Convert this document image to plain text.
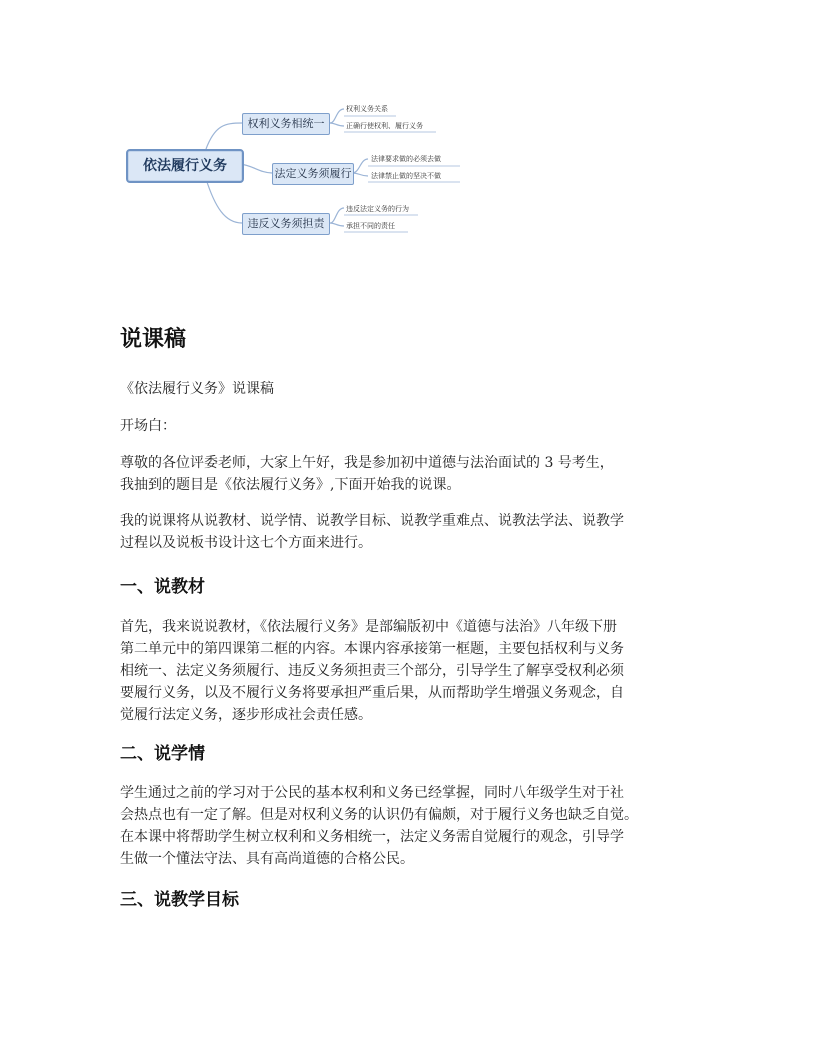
依法履行义务
权利义务相统一
法定义务须履行
违反义务须担责
权利义务关系
正确行使权利、履行义务
法律要求做的必须去做
法律禁止做的坚决不做
违反法定义务的行为
承担不同的责任
说课稿

《依法履行义务》说课稿

开场白：

尊敬的各位评委老师，大家上午好，我是参加初中道德与法治面试的 3 号考生，
我抽到的题目是《依法履行义务》,下面开始我的说课。

我的说课将从说教材、说学情、说教学目标、说教学重难点、说教法学法、说教学
过程以及说板书设计这七个方面来进行。

一、说教材

首先，我来说说教材，《依法履行义务》是部编版初中《道德与法治》八年级下册
第二单元中的第四课第二框的内容。本课内容承接第一框题，主要包括权利与义务
相统一、法定义务须履行、违反义务须担责三个部分，引导学生了解享受权利必须
要履行义务，以及不履行义务将要承担严重后果，从而帮助学生增强义务观念，自
觉履行法定义务，逐步形成社会责任感。

二、说学情

学生通过之前的学习对于公民的基本权利和义务已经掌握，同时八年级学生对于社
会热点也有一定了解。但是对权利义务的认识仍有偏颇，对于履行义务也缺乏自觉。
在本课中将帮助学生树立权利和义务相统一，法定义务需自觉履行的观念，引导学
生做一个懂法守法、具有高尚道德的合格公民。

三、说教学目标
